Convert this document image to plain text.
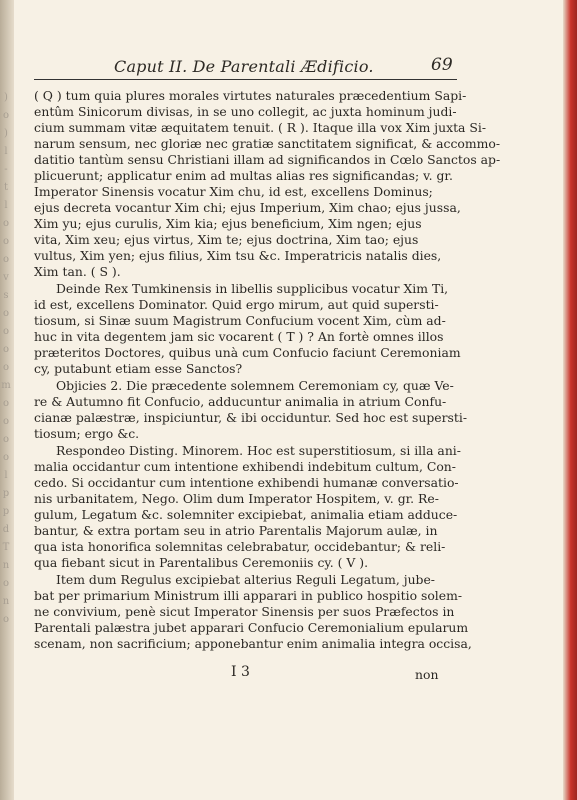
Caput II. De Parentali Ædificio.	69
( Q ) tum quia plures morales virtutes naturales præcedentium Sapi-
entûm Sinicorum divisas, in se uno collegit, ac juxta hominum judi-
cium summam vitæ æquitatem tenuit. ( R ). Itaque illa vox Xim juxta Si-
narum sensum, nec gloriæ nec gratiæ sanctitatem significat, & accommo-
datitio tantùm sensu Christiani illam ad significandos in Cœlo Sanctos ap-
plicuerunt; applicatur enim ad multas alias res significandas; v. gr.
Imperator Sinensis vocatur Xim chu, id est, excellens Dominus;
ejus decreta vocantur Xim chi; ejus Imperium, Xim chao; ejus jussa,
Xim yu; ejus curulis, Xim kia; ejus beneficium, Xim ngen; ejus
vita, Xim xeu; ejus virtus, Xim te; ejus doctrina, Xim tao; ejus
vultus, Xim yen; ejus filius, Xim tsu &c. Imperatricis natalis dies,
Xim tan. ( S ).
Deinde Rex Tumkinensis in libellis supplicibus vocatur Xim Ti,
id est, excellens Dominator. Quid ergo mirum, aut quid supersti-
tiosum, si Sinæ suum Magistrum Confucium vocent Xim, cùm ad-
huc in vita degentem jam sic vocarent ( T ) ? An fortè omnes illos
præteritos Doctores, quibus unà cum Confucio faciunt Ceremoniam
cy, putabunt etiam esse Sanctos?
Objicies 2. Die præcedente solemnem Ceremoniam cy, quæ Ve-
re & Autumno fit Confucio, adducuntur animalia in atrium Confu-
cianæ palæstræ, inspiciuntur, & ibi occiduntur. Sed hoc est supersti-
tiosum; ergo &c.
Respondeo Disting. Minorem. Hoc est superstitiosum, si illa ani-
malia occidantur cum intentione exhibendi indebitum cultum, Con-
cedo. Si occidantur cum intentione exhibendi humanæ conversatio-
nis urbanitatem, Nego. Olim dum Imperator Hospitem, v. gr. Re-
gulum, Legatum &c. solemniter excipiebat, animalia etiam adduce-
bantur, & extra portam seu in atrio Parentalis Majorum aulæ, in
qua ista honorifica solemnitas celebrabatur, occidebantur; & reli-
qua fiebant sicut in Parentalibus Ceremoniis cy. ( V ).
Item dum Regulus excipiebat alterius Reguli Legatum, jube-
bat per primarium Ministrum illi apparari in publico hospitio solem-
ne convivium, penè sicut Imperator Sinensis per suos Præfectos in
Parentali palæstra jubet apparari Confucio Ceremonialium epularum
scenam, non sacrificium; apponebantur enim animalia integra occisa,
I 3	non
)
o
)
l
-
t
l
o
o
o
v
s
o
o
o
o
m
o
o
o
o
l
p
p
d
T
n
o
n
o
